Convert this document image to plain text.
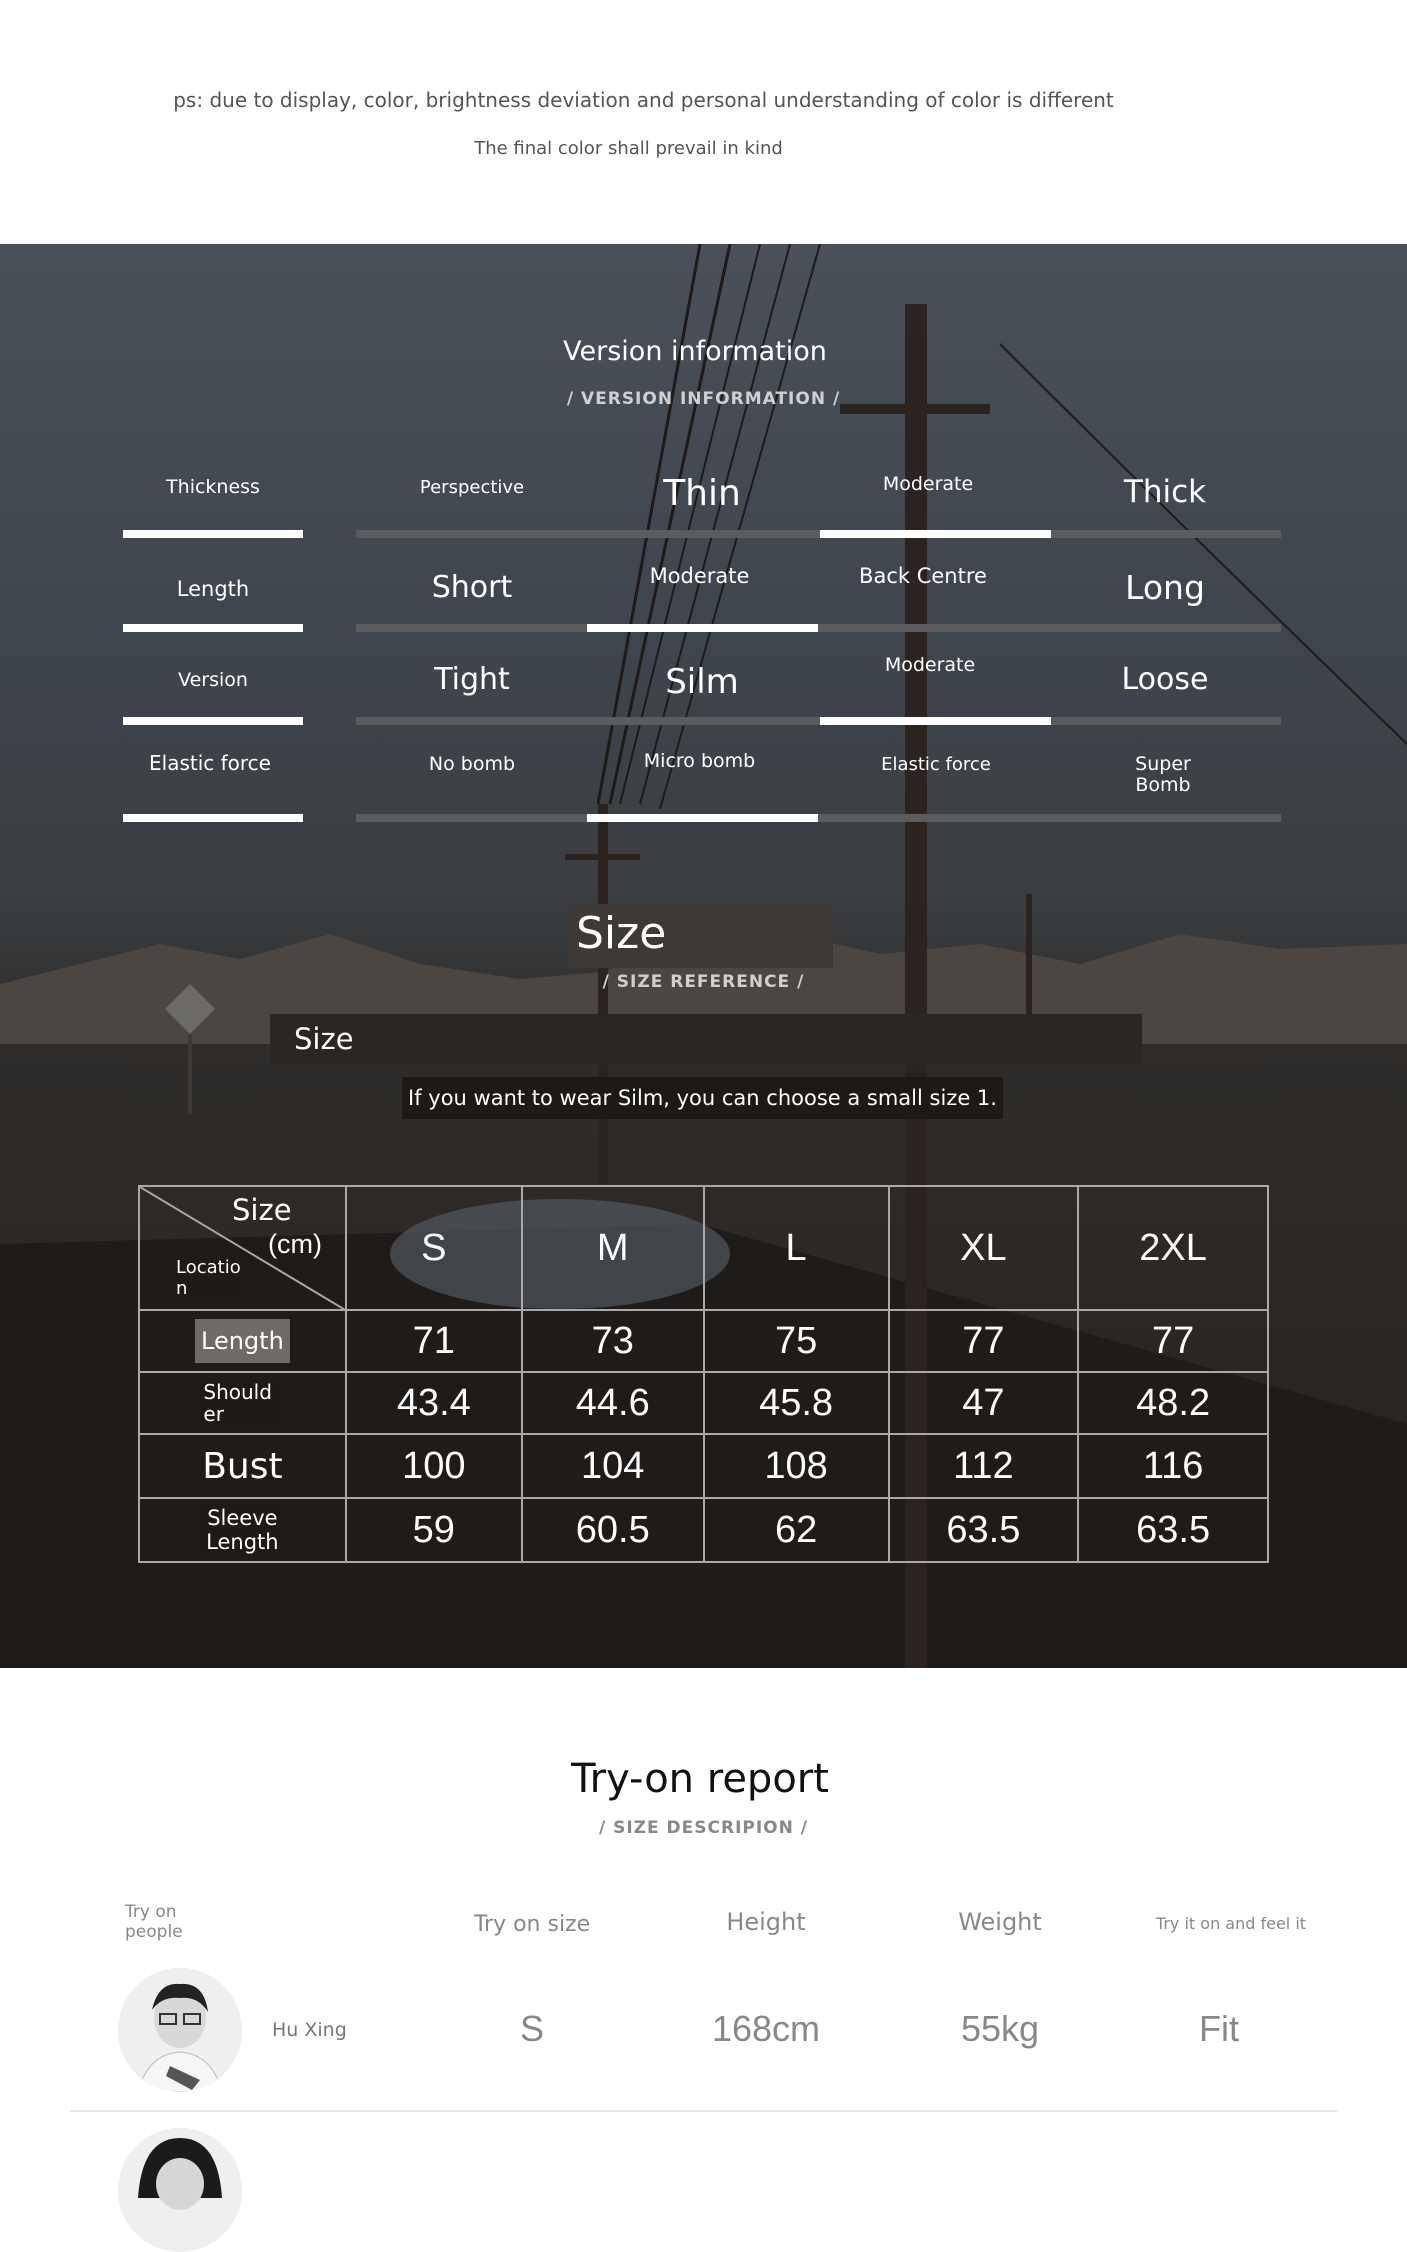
ps: due to display, color, brightness deviation and personal understanding of color is different
The final color shall prevail in kind
Version information
/ VERSION INFORMATION /
Thickness	Perspective	Thin	Moderate	Thick
Length	Short	Moderate	Back Centre	Long
Version	Tight	Silm	Moderate	Loose
Elastic force	No bomb	Micro bomb	Elastic force	Super Bomb
Size
/ SIZE REFERENCE /
Size
If you want to wear Silm, you can choose a small size 1.
Size
(cm)
Location	S	M	L	XL	2XL
Length	71	73	75	77	77
Shoulder	43.4	44.6	45.8	47	48.2
Bust	100	104	108	112	116
Sleeve Length	59	60.5	62	63.5	63.5
Try-on report
/ SIZE DESCRIPION /
Try on people	Try on size	Height	Weight	Try it on and feel it
Hu Xing	S	168cm	55kg	Fit
